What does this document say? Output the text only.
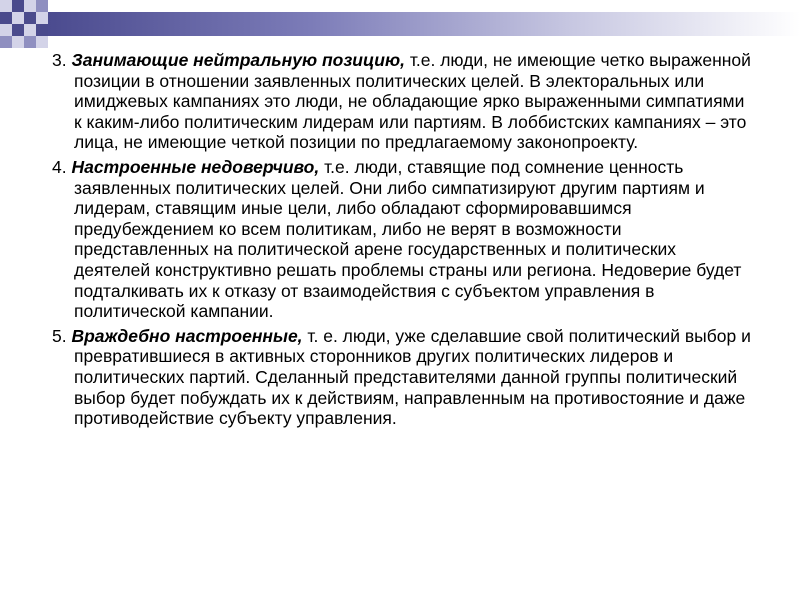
3. Занимающие нейтральную позицию, т.е. люди, не имеющие четко выраженной позиции в отношении заявленных политических целей. В электоральных или имиджевых кампаниях это люди, не обладающие ярко выраженными симпатиями к каким-либо политическим лидерам или партиям. В лоббистских кампаниях – это лица, не имеющие четкой позиции по предлагаемому законопроекту.

4. Настроенные недоверчиво, т.е. люди, ставящие под сомнение ценность заявленных политических целей. Они либо симпатизируют другим партиям и лидерам, ставящим иные цели, либо обладают сформировавшимся предубеждением ко всем политикам, либо не верят в возможности представленных на политической арене государственных и политических деятелей конструктивно решать проблемы страны или региона. Недоверие будет подталкивать их к отказу от взаимодействия с субъектом управления в политической кампании.

5. Враждебно настроенные, т. е. люди, уже сделавшие свой политический выбор и превратившиеся в активных сторонников других политических лидеров и политических партий. Сделанный представителями данной группы политический выбор будет побуждать их к действиям, направленным на противостояние и даже противодействие субъекту управления.
